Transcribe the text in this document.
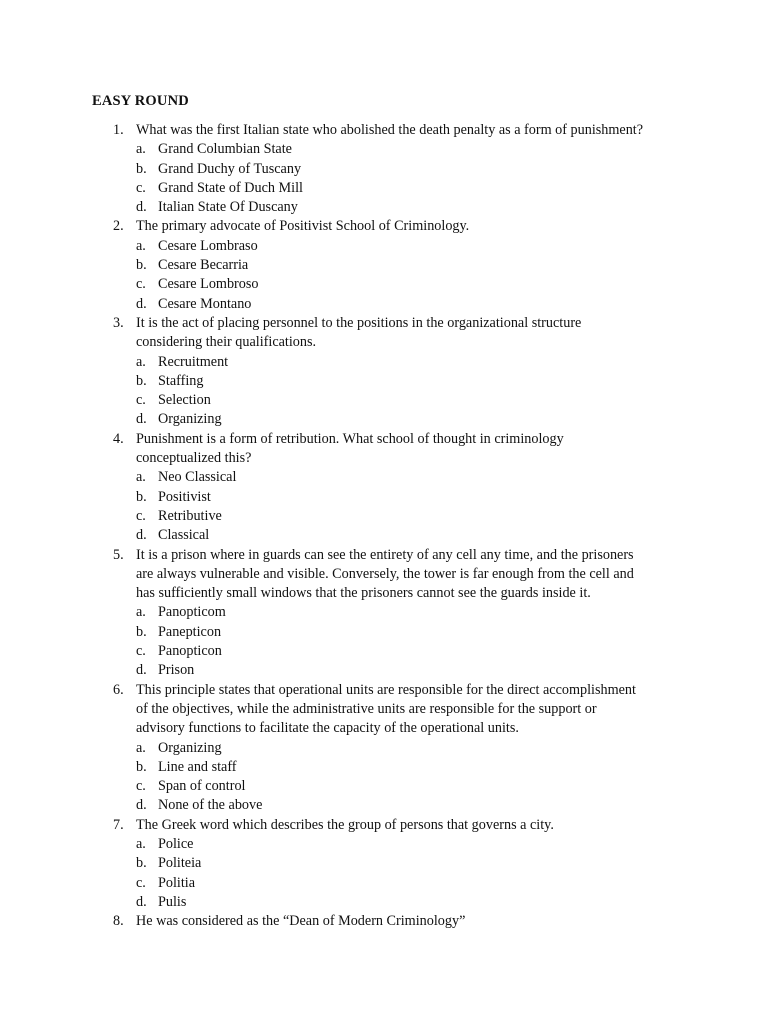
EASY ROUND
1. What was the first Italian state who abolished the death penalty as a form of punishment?
a. Grand Columbian State
b. Grand Duchy of Tuscany
c. Grand State of Duch Mill
d. Italian State Of Duscany
2. The primary advocate of Positivist School of Criminology.
a. Cesare Lombraso
b. Cesare Becarria
c. Cesare Lombroso
d. Cesare Montano
3. It is the act of placing personnel to the positions in the organizational structure
considering their qualifications.
a. Recruitment
b. Staffing
c. Selection
d. Organizing
4. Punishment is a form of retribution. What school of thought in criminology
conceptualized this?
a. Neo Classical
b. Positivist
c. Retributive
d. Classical
5. It is a prison where in guards can see the entirety of any cell any time, and the prisoners
are always vulnerable and visible. Conversely, the tower is far enough from the cell and
has sufficiently small windows that the prisoners cannot see the guards inside it.
a. Panopticom
b. Panepticon
c. Panopticon
d. Prison
6. This principle states that operational units are responsible for the direct accomplishment
of the objectives, while the administrative units are responsible for the support or
advisory functions to facilitate the capacity of the operational units.
a. Organizing
b. Line and staff
c. Span of control
d. None of the above
7. The Greek word which describes the group of persons that governs a city.
a. Police
b. Politeia
c. Politia
d. Pulis
8. He was considered as the “Dean of Modern Criminology”
